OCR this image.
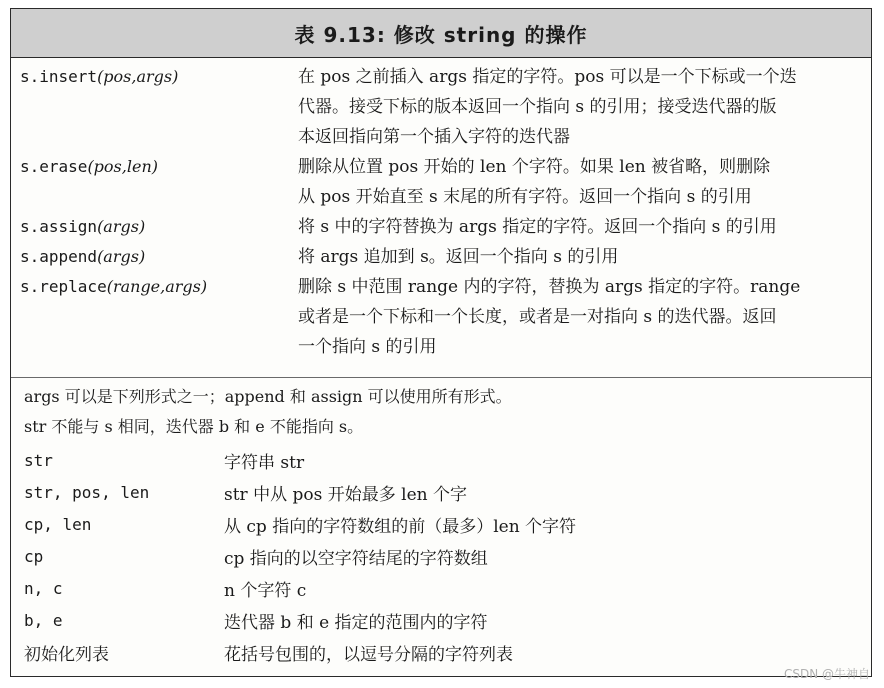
表 9.13: 修改 string 的操作
s.insert(pos,args)	在 pos 之前插入 args 指定的字符。pos 可以是一个下标或一个迭
代器。接受下标的版本返回一个指向 s 的引用；接受迭代器的版
本返回指向第一个插入字符的迭代器
s.erase(pos,len)	删除从位置 pos 开始的 len 个字符。如果 len 被省略，则删除
从 pos 开始直至 s 末尾的所有字符。返回一个指向 s 的引用
s.assign(args)	将 s 中的字符替换为 args 指定的字符。返回一个指向 s 的引用
s.append(args)	将 args 追加到 s。返回一个指向 s 的引用
s.replace(range,args)	删除 s 中范围 range 内的字符，替换为 args 指定的字符。range
或者是一个下标和一个长度，或者是一对指向 s 的迭代器。返回
一个指向 s 的引用
args 可以是下列形式之一；append 和 assign 可以使用所有形式。
str 不能与 s 相同，迭代器 b 和 e 不能指向 s。
str	字符串 str
str, pos, len	str 中从 pos 开始最多 len 个字
cp, len	从 cp 指向的字符数组的前（最多）len 个字符
cp	cp 指向的以空字符结尾的字符数组
n, c	n 个字符 c
b, e	迭代器 b 和 e 指定的范围内的字符
初始化列表	花括号包围的，以逗号分隔的字符列表
CSDN @牛神自
